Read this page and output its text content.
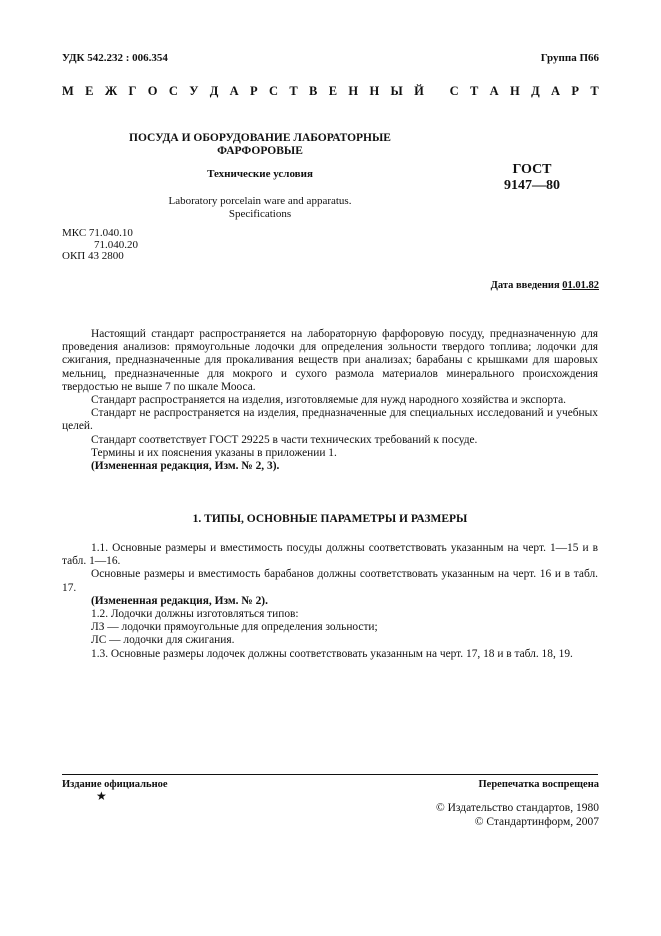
УДК 542.232 : 006.354	Группа П66
М Е Ж Г О С У Д А Р С Т В Е Н Н Ы Й
С Т А Н Д А Р Т
ПОСУДА И ОБОРУДОВАНИЕ ЛАБОРАТОРНЫЕ
ФАРФОРОВЫЕ
Технические условия
Laboratory porcelain ware and apparatus.
Specifications
ГОСТ
9147—80
МКС 71.040.10
71.040.20
ОКП 43 2800
Дата введения 01.01.82

Настоящий стандарт распространяется на лабораторную фарфоровую посуду, предназначенную для проведения анализов: прямоугольные лодочки для определения зольности твердого топлива; лодочки для сжигания, предназначенные для прокаливания веществ при анализах; барабаны с крышками для шаровых мельниц, предназначенные для мокрого и сухого размола материалов минерального происхождения твердостью не выше 7 по шкале Мооса.

Стандарт распространяется на изделия, изготовляемые для нужд народного хозяйства и экспорта.

Стандарт не распространяется на изделия, предназначенные для специальных исследований и учебных целей.

Стандарт соответствует ГОСТ 29225 в части технических требований к посуде.

Термины и их пояснения указаны в приложении 1.

(Измененная редакция, Изм. № 2, 3).

1. ТИПЫ, ОСНОВНЫЕ ПАРАМЕТРЫ И РАЗМЕРЫ

1.1. Основные размеры и вместимость посуды должны соответствовать указанным на черт. 1—15 и в табл. 1—16.

Основные размеры и вместимость барабанов должны соответствовать указанным на черт. 16 и в табл. 17.

(Измененная редакция, Изм. № 2).

1.2. Лодочки должны изготовляться типов:

ЛЗ — лодочки прямоугольные для определения зольности;

ЛС — лодочки для сжигания.

1.3. Основные размеры лодочек должны соответствовать указанным на черт. 17, 18 и в табл. 18, 19.

Издание официальное	Перепечатка воспрещена
★
© Издательство стандартов, 1980
© Стандартинформ, 2007
